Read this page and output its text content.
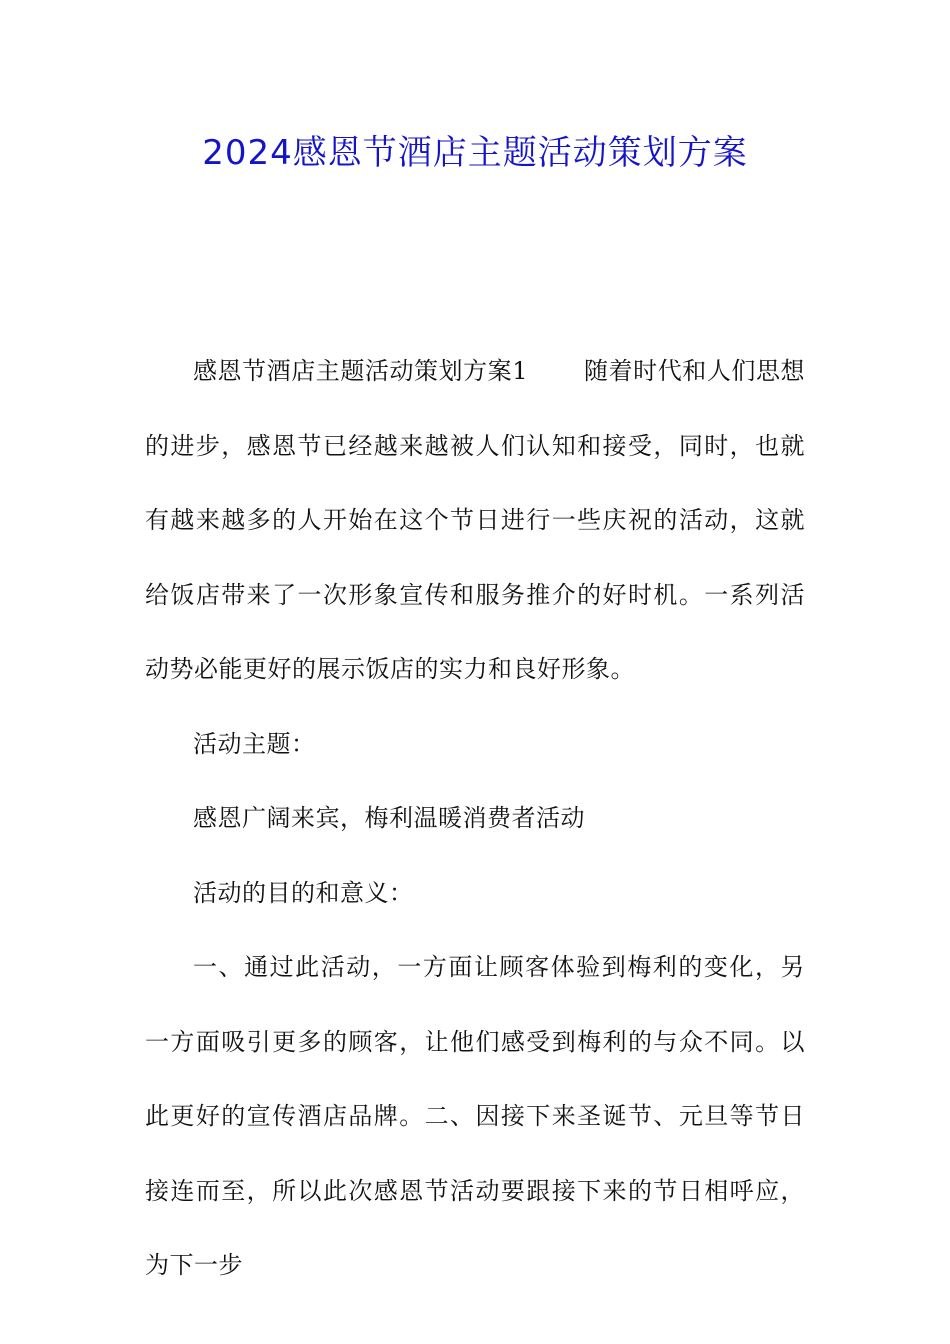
2024感恩节酒店主题活动策划方案

感恩节酒店主题活动策划方案1 随着时代和人们思想的进步，感恩节已经越来越被人们认知和接受，同时，也就有越来越多的人开始在这个节日进行一些庆祝的活动，这就给饭店带来了一次形象宣传和服务推介的好时机。一系列活动势必能更好的展示饭店的实力和良好形象。

活动主题：

感恩广阔来宾，梅利温暖消费者活动

活动的目的和意义：

一、通过此活动，一方面让顾客体验到梅利的变化，另一方面吸引更多的顾客，让他们感受到梅利的与众不同。以此更好的宣传酒店品牌。二、因接下来圣诞节、元旦等节日接连而至，所以此次感恩节活动要跟接下来的节日相呼应，为下一步
